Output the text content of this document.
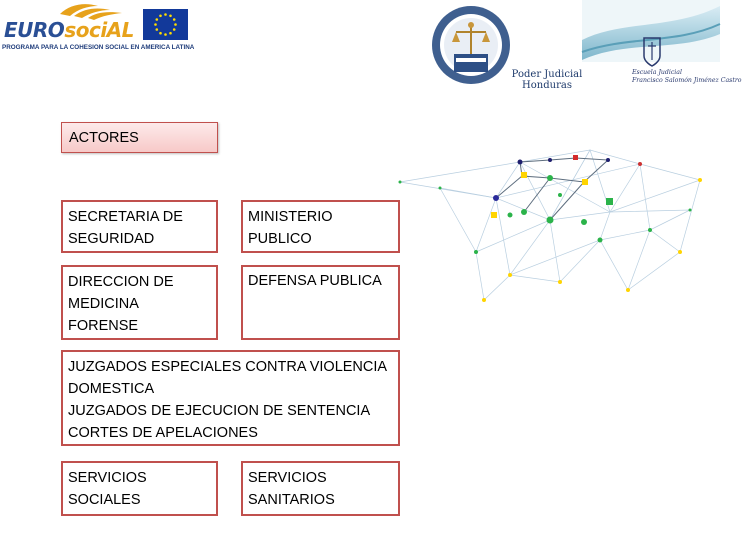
EUROsociAL
PROGRAMA PARA LA COHESION SOCIAL EN AMERICA LATINA
Poder Judicial
Honduras
Escuela Judicial
Francisco Salomón Jiménez Castro
ACTORES
SECRETARIA DE
SEGURIDAD
MINISTERIO
PUBLICO
DIRECCION DE
MEDICINA
FORENSE
DEFENSA PUBLICA
JUZGADOS ESPECIALES CONTRA VIOLENCIA
DOMESTICA
JUZGADOS DE EJECUCION DE SENTENCIA
CORTES DE APELACIONES
SERVICIOS
SOCIALES
SERVICIOS
SANITARIOS
